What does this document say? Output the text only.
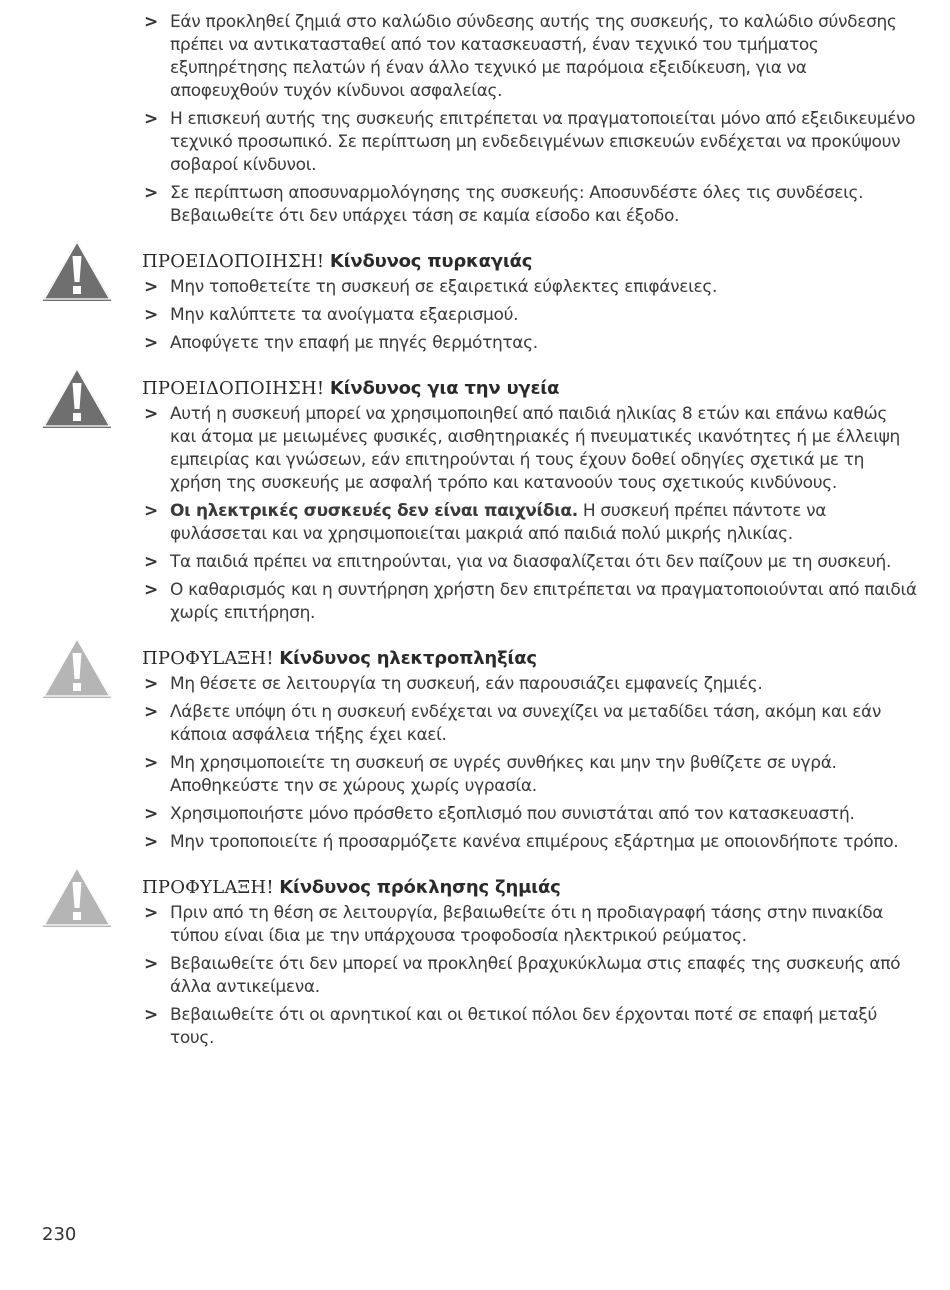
> Εάν προκληθεί ζημιά στο καλώδιο σύνδεσης αυτής της συσκευής, το καλώδιο σύνδεσης πρέπει να αντικατασταθεί από τον κατασκευαστή, έναν τεχνικό του τμήματος εξυπηρέτησης πελατών ή έναν άλλο τεχνικό με παρόμοια εξειδίκευση, για να αποφευχθούν τυχόν κίνδυνοι ασφαλείας.
> Η επισκευή αυτής της συσκευής επιτρέπεται να πραγματοποιείται μόνο από εξειδικευμένο τεχνικό προσωπικό. Σε περίπτωση μη ενδεδειγμένων επισκευών ενδέχεται να προκύψουν σοβαροί κίνδυνοι.
> Σε περίπτωση αποσυναρμολόγησης της συσκευής: Αποσυνδέστε όλες τις συνδέσεις. Βεβαιωθείτε ότι δεν υπάρχει τάση σε καμία είσοδο και έξοδο.
ΠΡΟΕΙΔΟΠΟΙΗΣΗ! Κίνδυνος πυρκαγιάς
> Μην τοποθετείτε τη συσκευή σε εξαιρετικά εύφλεκτες επιφάνειες.
> Μην καλύπτετε τα ανοίγματα εξαερισμού.
> Αποφύγετε την επαφή με πηγές θερμότητας.
ΠΡΟΕΙΔΟΠΟΙΗΣΗ! Κίνδυνος για την υγεία
> Αυτή η συσκευή μπορεί να χρησιμοποιηθεί από παιδιά ηλικίας 8 ετών και επάνω καθώς και άτομα με μειωμένες φυσικές, αισθητηριακές ή πνευματικές ικανότητες ή με έλλειψη εμπειρίας και γνώσεων, εάν επιτηρούνται ή τους έχουν δοθεί οδηγίες σχετικά με τη χρήση της συσκευής με ασφαλή τρόπο και κατανοούν τους σχετικούς κινδύνους.
> Οι ηλεκτρικές συσκευές δεν είναι παιχνίδια. Η συσκευή πρέπει πάντοτε να φυλάσσεται και να χρησιμοποιείται μακριά από παιδιά πολύ μικρής ηλικίας.
> Τα παιδιά πρέπει να επιτηρούνται, για να διασφαλίζεται ότι δεν παίζουν με τη συσκευή.
> Ο καθαρισμός και η συντήρηση χρήστη δεν επιτρέπεται να πραγματοποιούνται από παιδιά χωρίς επιτήρηση.
ΠΡΟΦΥLΑΞΗ! Κίνδυνος ηλεκτροπληξίας
> Μη θέσετε σε λειτουργία τη συσκευή, εάν παρουσιάζει εμφανείς ζημιές.
> Λάβετε υπόψη ότι η συσκευή ενδέχεται να συνεχίζει να μεταδίδει τάση, ακόμη και εάν κάποια ασφάλεια τήξης έχει καεί.
> Μη χρησιμοποιείτε τη συσκευή σε υγρές συνθήκες και μην την βυθίζετε σε υγρά. Αποθηκεύστε την σε χώρους χωρίς υγρασία.
> Χρησιμοποιήστε μόνο πρόσθετο εξοπλισμό που συνιστάται από τον κατασκευαστή.
> Μην τροποποιείτε ή προσαρμόζετε κανένα επιμέρους εξάρτημα με οποιονδήποτε τρόπο.
ΠΡΟΦΥLΑΞΗ! Κίνδυνος πρόκλησης ζημιάς
> Πριν από τη θέση σε λειτουργία, βεβαιωθείτε ότι η προδιαγραφή τάσης στην πινακίδα τύπου είναι ίδια με την υπάρχουσα τροφοδοσία ηλεκτρικού ρεύματος.
> Βεβαιωθείτε ότι δεν μπορεί να προκληθεί βραχυκύκλωμα στις επαφές της συσκευής από άλλα αντικείμενα.
> Βεβαιωθείτε ότι οι αρνητικοί και οι θετικοί πόλοι δεν έρχονται ποτέ σε επαφή μεταξύ τους.
230
